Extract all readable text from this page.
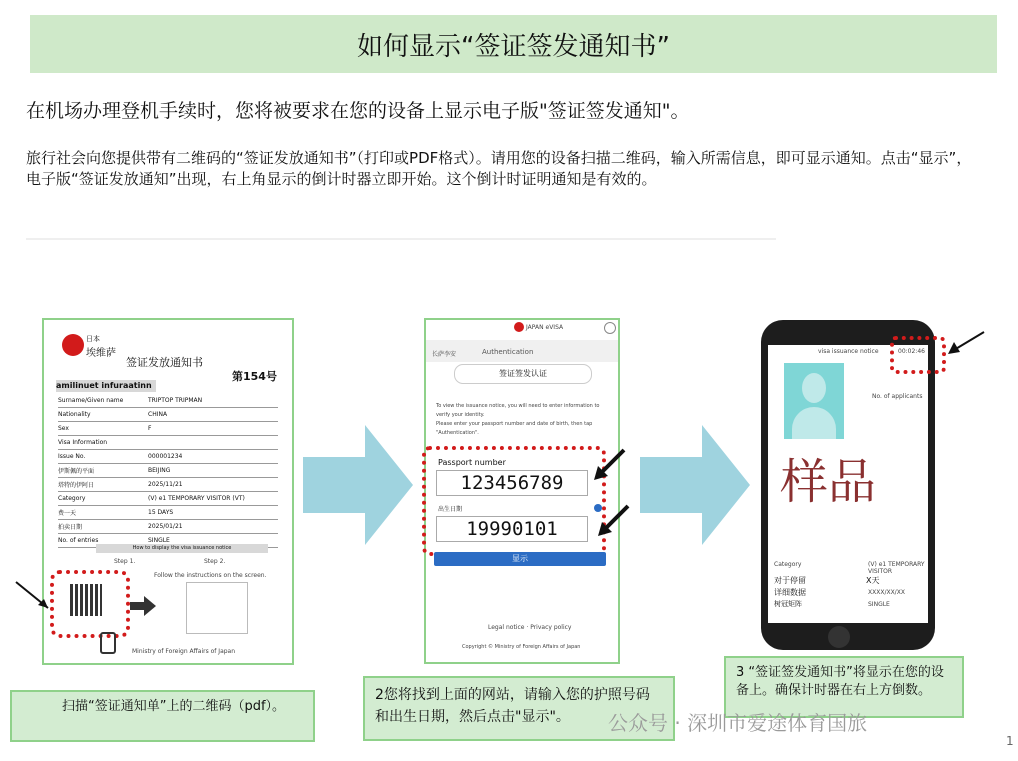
如何显示“签证签发通知书”
在机场办理登机手续时，您将被要求在您的设备上显示电子版"签证签发通知"。
旅行社会向您提供带有二维码的“签证发放通知书”（打印或PDF格式）。请用您的设备扫描二维码，输入所需信息，即可显示通知。点击“显示”，电子版“签证发放通知”出现，右上角显示的倒计时器立即开始。这个倒计时证明通知是有效的。
日本
埃维萨
签证发放通知书
第154号
amilinuet infuraatinn
Surname/Given name	TRIPTOP TRIPMAN
Nationality	CHINA
Sex	F
Visa Information
Issue No.	000001234
伊斯佩的平面	BEIJING
塔特的伊阿日	2025/11/21
Category	(V) e1 TEMPORARY VISITOR (VT)
费一天	15 DAYS
拍卖日期	2025/01/21
No. of entries	SINGLE
How to display the visa issuance notice
Step 1.	Step 2.
Follow the instructions on the screen.
Ministry of Foreign Affairs of Japan
JAPAN eVISA
长萨李安	Authentication
签证签发认证
To view the issuance notice, you will need to enter information to
verify your identity.
Please enter your passport number and date of birth, then tap
"Authentication".
Passport number
123456789
出生日期
19990101
显示
Legal notice · Privacy policy
Copyright © Ministry of Foreign Affairs of Japan
visa issuance notice	00:02:46
No. of applicants
样品
Category	(V) e1 TEMPORARY VISITOR
对于停留	X天
详细数据	XXXX/XX/XX
树冠矩阵	SINGLE
扫描“签证通知单”上的二维码（pdf）。
2您将找到上面的网站，请输入您的护照号码和出生日期，然后点击"显示"。
3 “签证签发通知书”将显示在您的设备上。确保计时器在右上方倒数。
公众号 · 深圳市爱途体育国旅
1
